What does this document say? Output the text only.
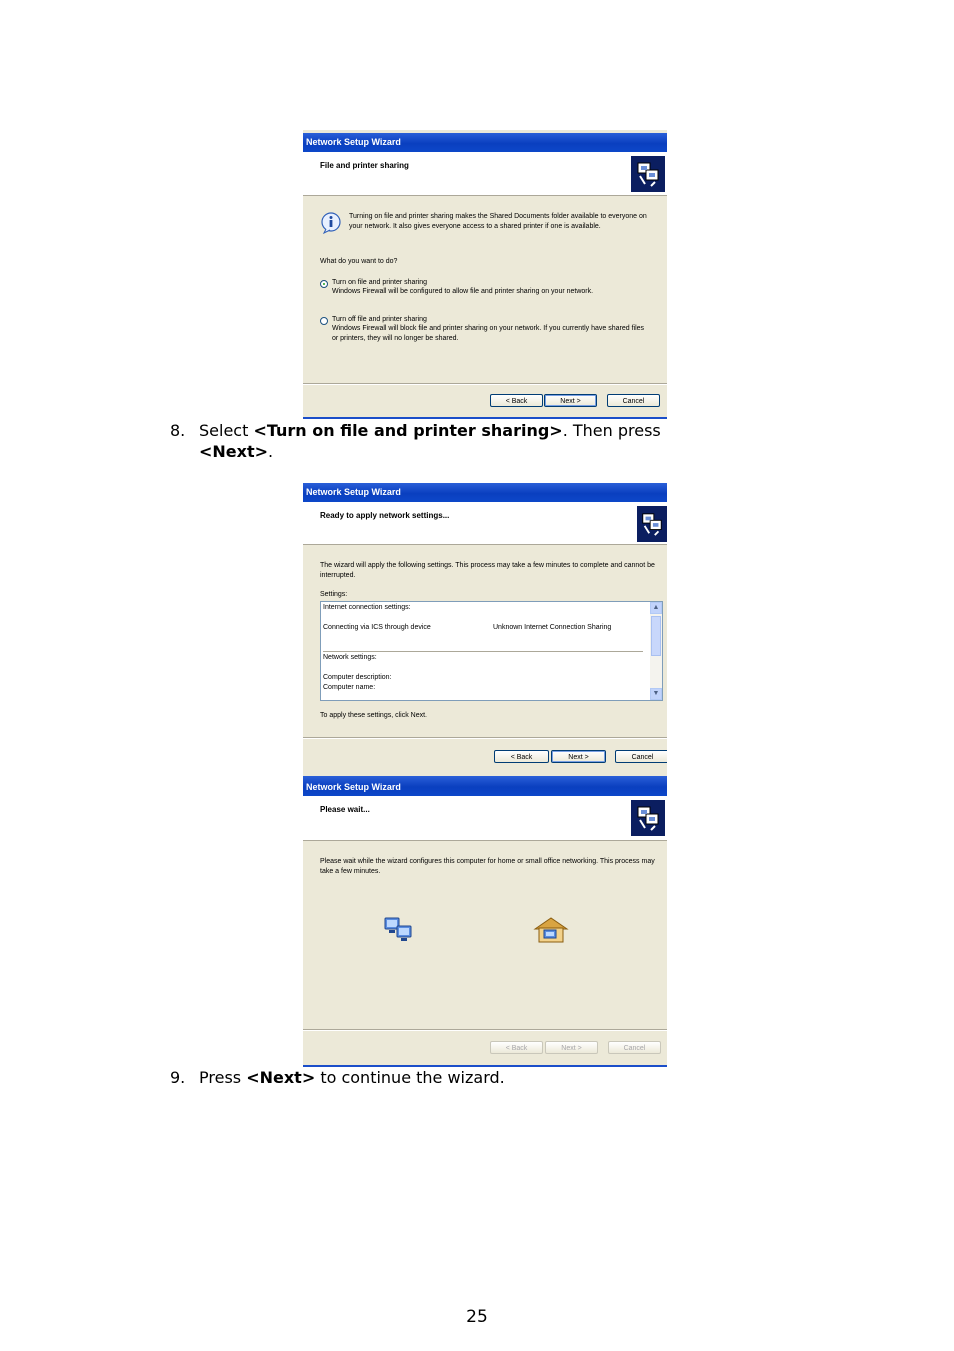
Network Setup Wizard
File and printer sharing
Turning on file and printer sharing makes the Shared Documents folder available to everyone on your network. It also gives everyone access to a shared printer if one is available.
What do you want to do?
Turn on file and printer sharing
Windows Firewall will be configured to allow file and printer sharing on your network.
Turn off file and printer sharing
Windows Firewall will block file and printer sharing on your network. If you currently have shared files or printers, they will no longer be shared.
< Back	Next >	Cancel
8. Select <Turn on file and printer sharing>. Then press
<Next>.
Network Setup Wizard
Ready to apply network settings...
The wizard will apply the following settings. This process may take a few minutes to complete and cannot be interrupted.
Settings:
Internet connection settings:
Connecting via ICS through device	Unknown Internet Connection Sharing
Network settings:
Computer description:
Computer name:
▲
▼
To apply these settings, click Next.
< Back	Next >	Cancel
Network Setup Wizard
Please wait...
Please wait while the wizard configures this computer for home or small office networking. This process may take a few minutes.
< Back	Next >	Cancel
9. Press <Next> to continue the wizard.
25
